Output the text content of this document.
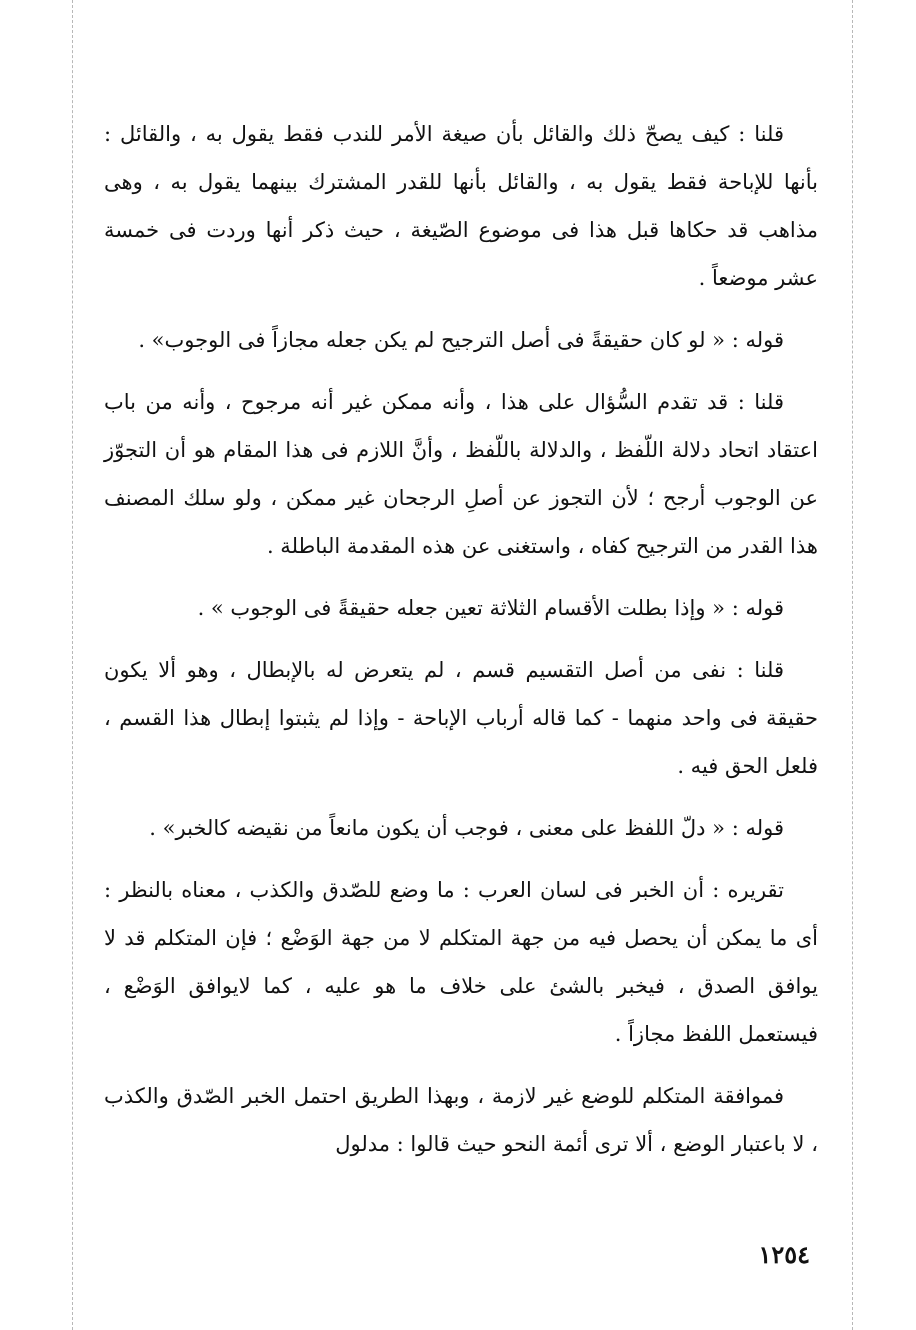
قلنا : كيف يصحّ ذلك والقائل بأن صيغة الأمر للندب فقط يقول به ، والقائل : بأنها للإباحة فقط يقول به ، والقائل بأنها للقدر المشترك بينهما يقول به ، وهى مذاهب قد حكاها قبل هذا فى موضوع الصّيغة ، حيث ذكر أنها وردت فى خمسة عشر موضعاً .

قوله : « لو كان حقيقةً فى أصل الترجيح لم يكن جعله مجازاً فى الوجوب» .

قلنا : قد تقدم السُّؤال على هذا ، وأنه ممكن غير أنه مرجوح ، وأنه من باب اعتقاد اتحاد دلالة اللّفظ ، والدلالة باللّفظ ، وأنَّ اللازم فى هذا المقام هو أن التجوّز عن الوجوب أرجح ؛ لأن التجوز عن أصلِ الرجحان غير ممكن ، ولو سلك المصنف هذا القدر من الترجيح كفاه ، واستغنى عن هذه المقدمة الباطلة .

قوله : « وإذا بطلت الأقسام الثلاثة تعين جعله حقيقةً فى الوجوب » .

قلنا : نفى من أصل التقسيم قسم ، لم يتعرض له بالإبطال ، وهو ألا يكون حقيقة فى واحد منهما - كما قاله أرباب الإباحة - وإذا لم يثبتوا إبطال هذا القسم ، فلعل الحق فيه .

قوله : « دلّ اللفظ على معنى ، فوجب أن يكون مانعاً من نقيضه كالخبر» .

تقريره : أن الخبر فى لسان العرب : ما وضع للصّدق والكذب ، معناه بالنظر : أى ما يمكن أن يحصل فيه من جهة المتكلم لا من جهة الوَضْع ؛ فإن المتكلم قد لا يوافق الصدق ، فيخبر بالشئ على خلاف ما هو عليه ، كما لايوافق الوَضْع ، فيستعمل اللفظ مجازاً .

فموافقة المتكلم للوضع غير لازمة ، وبهذا الطريق احتمل الخبر الصّدق والكذب ، لا باعتبار الوضع ، ألا ترى أئمة النحو حيث قالوا : مدلول

١٢٥٤
